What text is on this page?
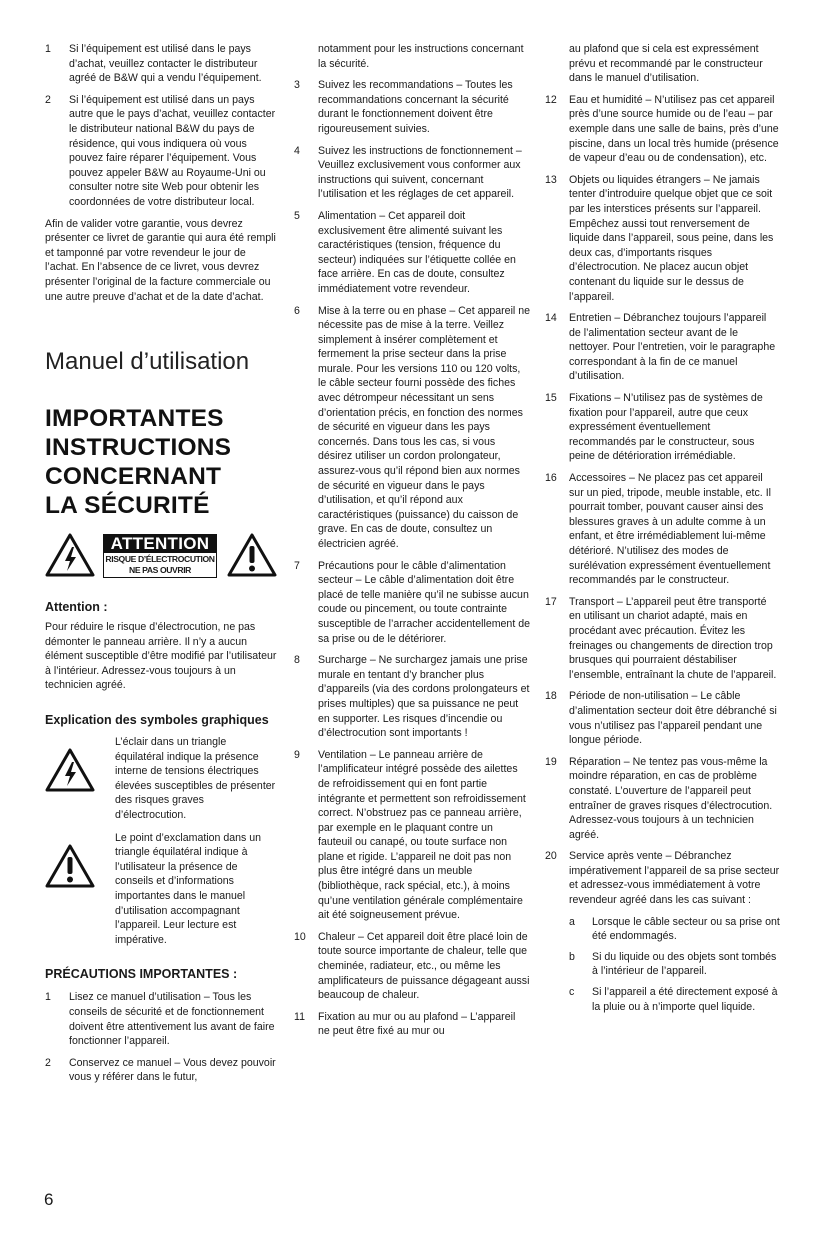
1	Si l’équipement est utilisé dans le pays d’achat, veuillez contacter le distributeur agréé de B&W qui a vendu l’équipement.
2	Si l’équipement est utilisé dans un pays autre que le pays d’achat, veuillez contacter le distributeur national B&W du pays de résidence, qui vous indiquera où vous pouvez faire réparer l’équipement. Vous pouvez appeler B&W au Royaume-Uni ou consulter notre site Web pour obtenir les coordonnées de votre distributeur local.

Afin de valider votre garantie, vous devrez présenter ce livret de garantie qui aura été rempli et tamponné par votre revendeur le jour de l’achat. En l’absence de ce livret, vous devrez présenter l’original de la facture commerciale ou une autre preuve d’achat et de la date d’achat.

Manuel d’utilisation
IMPORTANTES
INSTRUCTIONS
CONCERNANT
LA SÉCURITÉ
ATTENTION
RISQUE D’ÉLECTROCUTION
NE PAS OUVRIR
Attention :

Pour réduire le risque d’électrocution, ne pas démonter le panneau arrière. Il n’y a aucun élément susceptible d’être modifié par l’utilisateur à l’intérieur. Adressez-vous toujours à un technicien agréé.

Explication des symboles graphiques
L’éclair dans un triangle équilatéral indique la présence interne de tensions électriques élevées susceptibles de présenter des risques graves d’électrocution.
Le point d’exclamation dans un triangle équilatéral indique à l’utilisateur la présence de conseils et d’informations importantes dans le manuel d’utilisation accompagnant l’appareil. Leur lecture est impérative.
PRÉCAUTIONS IMPORTANTES :
1	Lisez ce manuel d’utilisation – Tous les conseils de sécurité et de fonctionnement doivent être attentivement lus avant de faire fonctionner l’appareil.
2	Conservez ce manuel – Vous devez pouvoir vous y référer dans le futur,
notamment pour les instructions concernant la sécurité.
3	Suivez les recommandations – Toutes les recommandations concernant la sécurité durant le fonctionnement doivent être rigoureusement suivies.
4	Suivez les instructions de fonctionnement – Veuillez exclusivement vous conformer aux instructions qui suivent, concernant l’utilisation et les réglages de cet appareil.
5	Alimentation – Cet appareil doit exclusivement être alimenté suivant les caractéristiques (tension, fréquence du secteur) indiquées sur l’étiquette collée en face arrière. En cas de doute, consultez immédiatement votre revendeur.
6	Mise à la terre ou en phase – Cet appareil ne nécessite pas de mise à la terre. Veillez simplement à insérer complètement et fermement la prise secteur dans la prise murale. Pour les versions 110 ou 120 volts, le câble secteur fourni possède des fiches avec détrompeur nécessitant un sens d’orientation précis, en fonction des normes de sécurité en vigueur dans les pays concernés. Dans tous les cas, si vous désirez utiliser un cordon prolongateur, assurez-vous qu’il répond bien aux normes de sécurité en vigueur dans le pays d’utilisation, et qu’il répond aux caractéristiques (puissance) du caisson de grave. En cas de doute, consultez un électricien agréé.
7	Précautions pour le câble d’alimentation secteur – Le câble d’alimentation doit être placé de telle manière qu’il ne subisse aucun coude ou pincement, ou toute contrainte susceptible de l’arracher accidentellement de sa prise ou de le détériorer.
8	Surcharge – Ne surchargez jamais une prise murale en tentant d’y brancher plus d’appareils (via des cordons prolongateurs et prises multiples) que sa puissance ne peut en supporter. Les risques d’incendie ou d’électrocution sont importants !
9	Ventilation – Le panneau arrière de l’amplificateur intégré possède des ailettes de refroidissement qui en font partie intégrante et permettent son refroidissement correct. N’obstruez pas ce panneau arrière, par exemple en le plaquant contre un fauteuil ou canapé, ou toute surface non plane et rigide. L’appareil ne doit pas non plus être intégré dans un meuble (bibliothèque, rack spécial, etc.), à moins qu’une ventilation générale complémentaire ait été soigneusement prévue.
10	Chaleur – Cet appareil doit être placé loin de toute source importante de chaleur, telle que cheminée, radiateur, etc., ou même les amplificateurs de puissance dégageant aussi beaucoup de chaleur.
11	Fixation au mur ou au plafond – L’appareil ne peut être fixé au mur ou
au plafond que si cela est expressément prévu et recommandé par le constructeur dans le manuel d’utilisation.
12	Eau et humidité – N’utilisez pas cet appareil près d’une source humide ou de l’eau – par exemple dans une salle de bains, près d’une piscine, dans un local très humide (présence de vapeur d’eau ou de condensation), etc.
13	Objets ou liquides étrangers – Ne jamais tenter d’introduire quelque objet que ce soit par les interstices présents sur l’appareil. Empêchez aussi tout renversement de liquide dans l’appareil, sous peine, dans les deux cas, d’importants risques d’électrocution. Ne placez aucun objet contenant du liquide sur le dessus de l’appareil.
14	Entretien – Débranchez toujours l’appareil de l’alimentation secteur avant de le nettoyer. Pour l’entretien, voir le paragraphe correspondant à la fin de ce manuel d’utilisation.
15	Fixations – N’utilisez pas de systèmes de fixation pour l’appareil, autre que ceux expressément éventuellement recommandés par le constructeur, sous peine de détérioration irrémédiable.
16	Accessoires – Ne placez pas cet appareil sur un pied, tripode, meuble instable, etc. Il pourrait tomber, pouvant causer ainsi des blessures graves à un adulte comme à un enfant, et être irrémédiablement lui-même détérioré. N’utilisez des modes de surélévation expressément éventuellement recommandés par le constructeur.
17	Transport – L’appareil peut être transporté en utilisant un chariot adapté, mais en procédant avec précaution. Évitez les freinages ou changements de direction trop brusques qui pourraient déstabiliser l’ensemble, entraînant la chute de l’appareil.
18	Période de non-utilisation – Le câble d’alimentation secteur doit être débranché si vous n’utilisez pas l’appareil pendant une longue période.
19	Réparation – Ne tentez pas vous-même la moindre réparation, en cas de problème constaté. L’ouverture de l’appareil peut entraîner de graves risques d’électrocution. Adressez-vous toujours à un technicien agréé.
20	Service après vente – Débranchez impérativement l’appareil de sa prise secteur et adressez-vous immédiatement à votre revendeur agréé dans les cas suivant :
a	Lorsque le câble secteur ou sa prise ont été endommagés.
b	Si du liquide ou des objets sont tombés à l’intérieur de l’appareil.
c	Si l’appareil a été directement exposé à la pluie ou à n’importe quel liquide.
6
